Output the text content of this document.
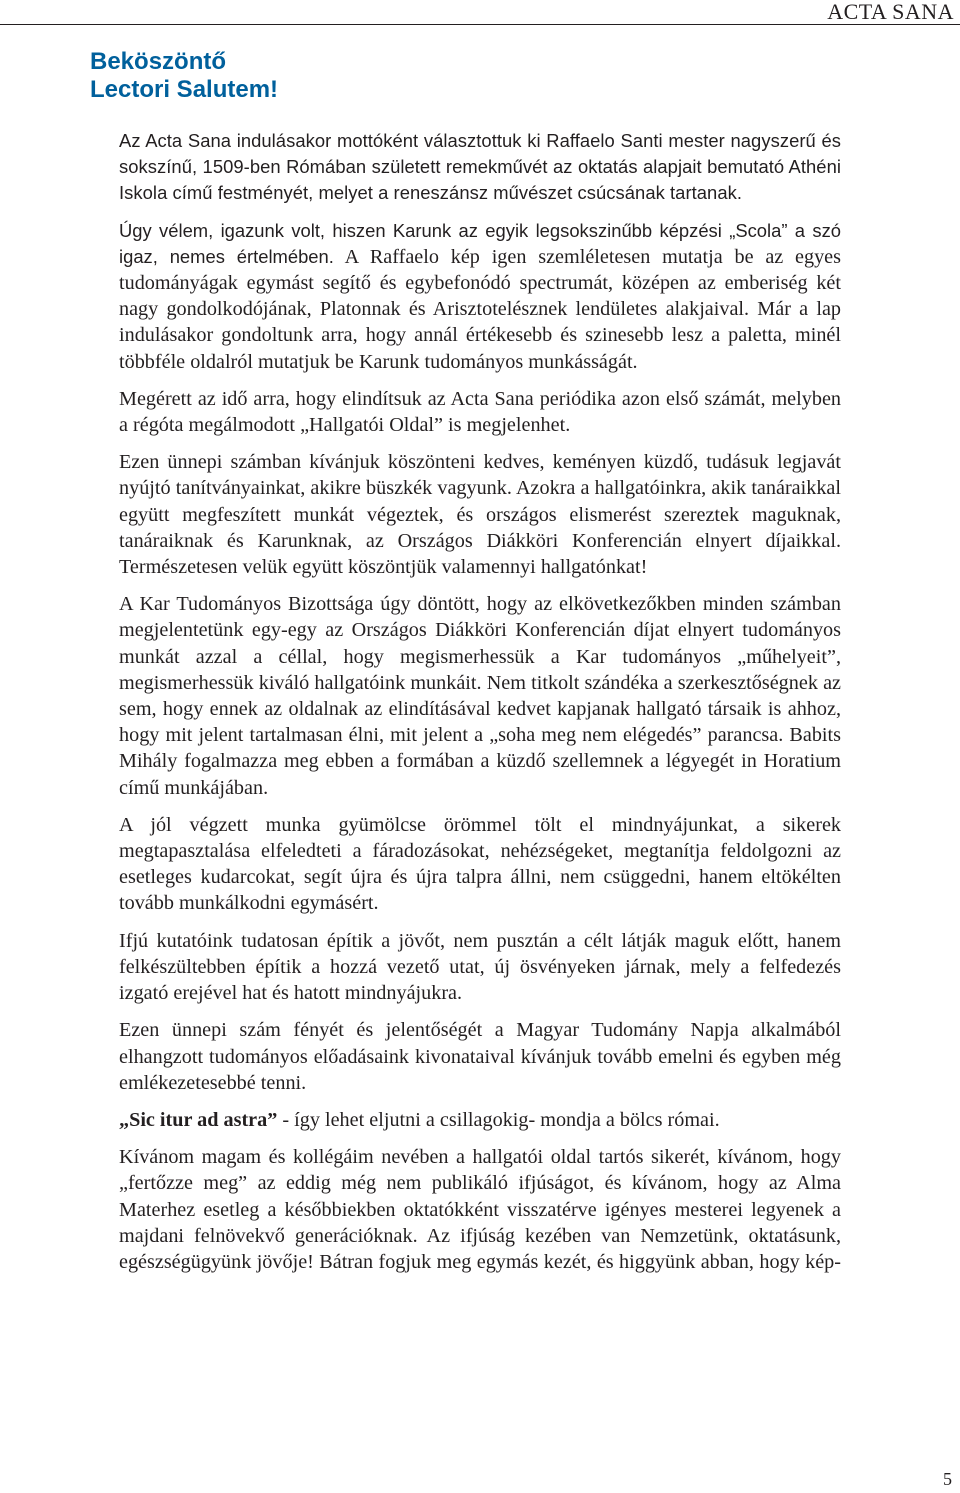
ACTA SANA
Beköszöntő
Lectori Salutem!

Az Acta Sana indulásakor mottóként választottuk ki Raffaelo Santi mester nagyszerű és sokszínű, 1509-ben Rómában született remekművét az oktatás alapjait bemutató Athéni Iskola című festményét, melyet a reneszánsz művészet csúcsának tartanak.

Úgy vélem, igazunk volt, hiszen Karunk az egyik legsokszinűbb képzési „Scola” a szó igaz, nemes értelmében. A Raffaelo kép igen szemléletesen mutatja be az egyes tudományágak egymást segítő és egybefonódó spectrumát, középen az emberiség két nagy gondolkodójának, Platonnak és Arisztotelésznek lendületes alakjaival. Már a lap indulásakor gondoltunk arra, hogy annál értékesebb és szinesebb lesz a paletta, minél többféle oldalról mutatjuk be Karunk tudományos munkásságát.

Megérett az idő arra, hogy elindítsuk az Acta Sana periódika azon első számát, melyben a régóta megálmodott „Hallgatói Oldal” is megjelenhet.

Ezen ünnepi számban kívánjuk köszönteni kedves, keményen küzdő, tudásuk legjavát nyújtó tanítványainkat, akikre büszkék vagyunk. Azokra a hallgatóinkra, akik tanáraikkal együtt megfeszített munkát végeztek, és országos elismerést szereztek maguknak, tanáraiknak és Karunknak, az Országos Diákköri Konferencián elnyert díjaikkal. Természetesen velük együtt köszöntjük valamennyi hallgatónkat!

A Kar Tudományos Bizottsága úgy döntött, hogy az elkövetkezőkben minden számban megjelentetünk egy-egy az Országos Diákköri Konferencián díjat elnyert tudományos munkát azzal a céllal, hogy megismerhessük a Kar tudományos „műhelyeit”, megismerhessük kiváló hallgatóink munkáit. Nem titkolt szándéka a szerkesztőségnek az sem, hogy ennek az oldalnak az elindításával kedvet kapjanak hallgató társaik is ahhoz, hogy mit jelent tartalmasan élni, mit jelent a „soha meg nem elégedés” parancsa. Babits Mihály fogalmazza meg ebben a formában a küzdő szellemnek a légyegét in Horatium című munkájában.

A jól végzett munka gyümölcse örömmel tölt el mindnyájunkat, a sikerek megtapasztalása elfeledteti a fáradozásokat, nehézségeket, megtanítja feldolgozni az esetleges kudarcokat, segít újra és újra talpra állni, nem csüggedni, hanem eltökélten tovább munkálkodni egymásért.

Ifjú kutatóink tudatosan építik a jövőt, nem pusztán a célt látják maguk előtt, hanem felkészültebben építik a hozzá vezető utat, új ösvényeken járnak, mely a felfedezés izgató erejével hat és hatott mindnyájukra.

Ezen ünnepi szám fényét és jelentőségét a Magyar Tudomány Napja alkalmából elhangzott tudományos előadásaink kivonataival kívánjuk tovább emelni és egyben még emlékezetesebbé tenni.

„Sic itur ad astra” - így lehet eljutni a csillagokig- mondja a bölcs római.

Kívánom magam és kollégáim nevében a hallgatói oldal tartós sikerét, kívánom, hogy „fertőzze meg” az eddig még nem publikáló ifjúságot, és kívánom, hogy az Alma Materhez esetleg a későbbiekben oktatókként visszatérve igényes mesterei legyenek a majdani felnövekvő generációknak. Az ifjúság kezében van Nemzetünk, oktatásunk, egészségügyünk jövője! Bátran fogjuk meg egymás kezét, és higgyünk abban, hogy kép-

5
